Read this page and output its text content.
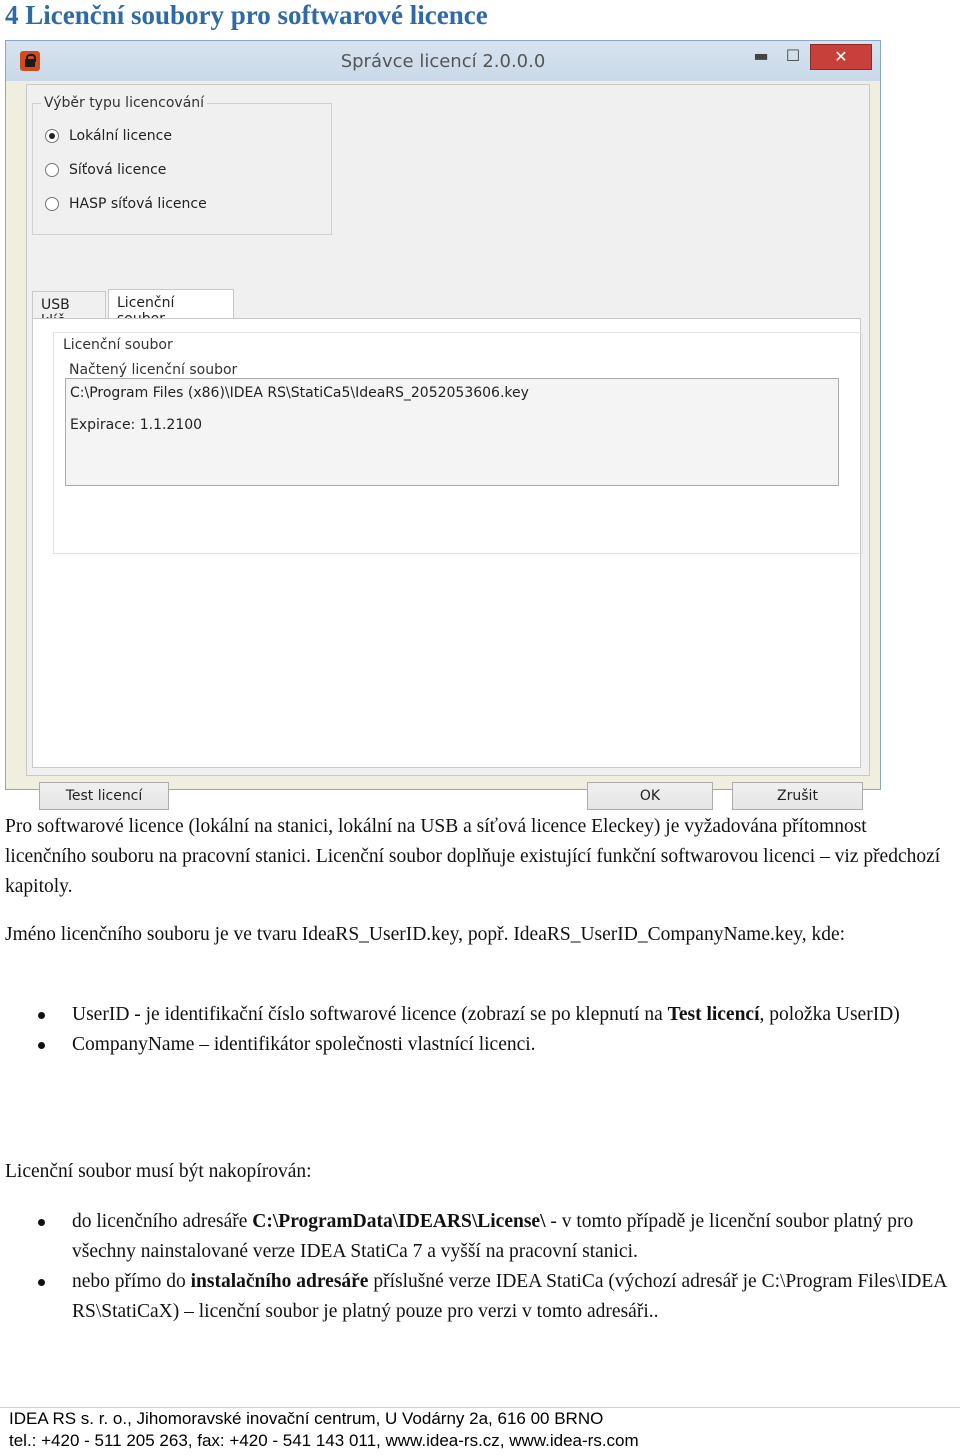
4 Licenční soubory pro softwarové licence
Správce licencí 2.0.0.0	▬	☐	✕
Výběr typu licencování
Lokální licence
Síťová licence
HASP síťová licence
USB	Licenční
Licenční soubor
Načtený licenční soubor
C:\Program Files (x86)\IDEA RS\StatiCa5\IdeaRS_2052053606.key
Expirace: 1.1.2100
Test licencí	OK	Zrušit

Pro softwarové licence (lokální na stanici, lokální na USB a síťová licence Eleckey) je vyžadována přítomnost licenčního souboru na pracovní stanici. Licenční soubor doplňuje existující funkční softwarovou licenci – viz předchozí kapitoly.

Jméno licenčního souboru je ve tvaru IdeaRS_UserID.key, popř. IdeaRS_UserID_CompanyName.key, kde:

UserID - je identifikační číslo softwarové licence (zobrazí se po klepnutí na Test licencí, položka UserID)
CompanyName – identifikátor společnosti vlastnící licenci.

Licenční soubor musí být nakopírován:

do licenčního adresáře C:\ProgramData\IDEARS\License\ - v tomto případě je licenční soubor platný pro všechny nainstalované verze IDEA StatiCa 7 a vyšší na pracovní stanici.
nebo přímo do instalačního adresáře příslušné verze IDEA StatiCa (výchozí adresář je C:\Program Files\IDEA RS\StatiCaX) – licenční soubor je platný pouze pro verzi v tomto adresáři..
IDEA RS s. r. o., Jihomoravské inovační centrum, U Vodárny 2a, 616 00 BRNO
tel.: +420 - 511 205 263, fax: +420 - 541 143 011, www.idea-rs.cz, www.idea-rs.com
